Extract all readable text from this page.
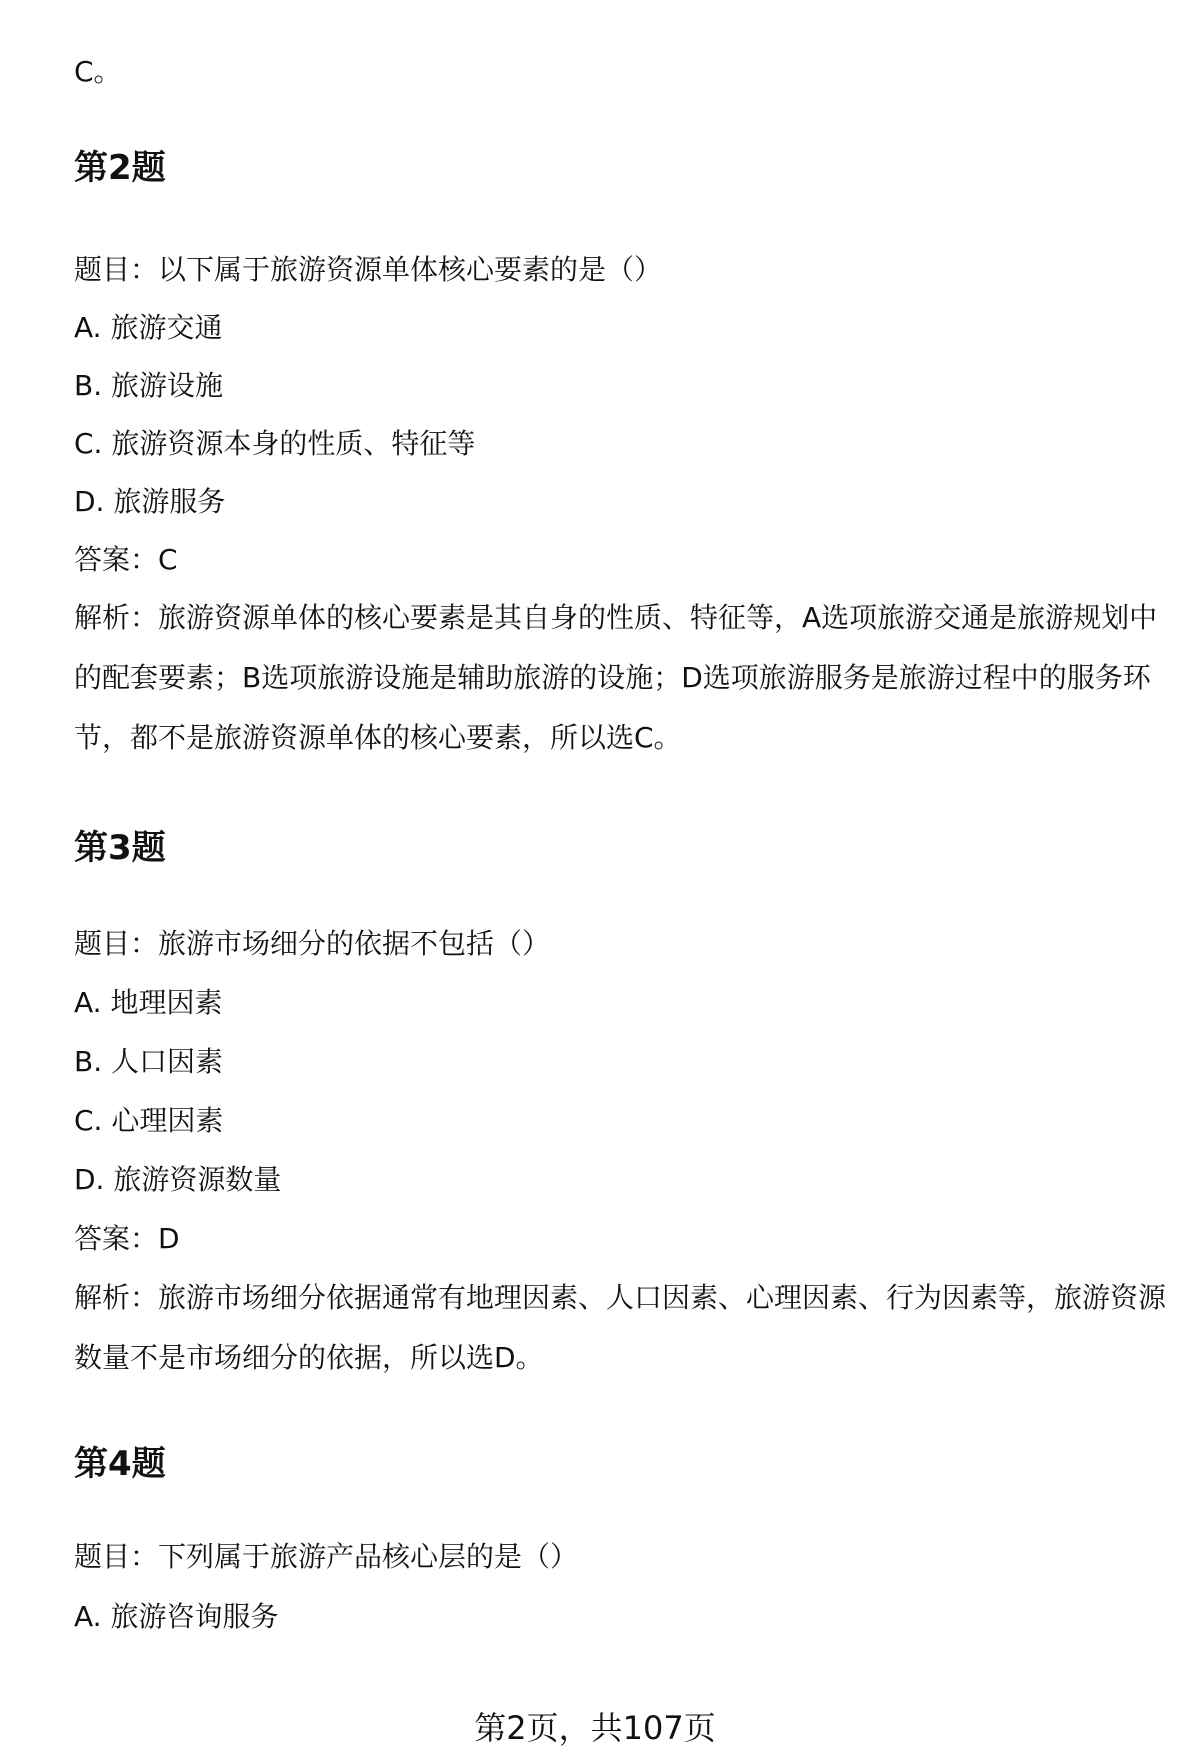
C。
第2题
题目：以下属于旅游资源单体核心要素的是（）
A. 旅游交通
B. 旅游设施
C. 旅游资源本身的性质、特征等
D. 旅游服务
答案：C
解析：旅游资源单体的核心要素是其自身的性质、特征等，A选项旅游交通是旅游规划中的配套要素；B选项旅游设施是辅助旅游的设施；D选项旅游服务是旅游过程中的服务环节，都不是旅游资源单体的核心要素，所以选C。
第3题
题目：旅游市场细分的依据不包括（）
A. 地理因素
B. 人口因素
C. 心理因素
D. 旅游资源数量
答案：D
解析：旅游市场细分依据通常有地理因素、人口因素、心理因素、行为因素等，旅游资源数量不是市场细分的依据，所以选D。
第4题
题目：下列属于旅游产品核心层的是（）
A. 旅游咨询服务
第2页，共107页
